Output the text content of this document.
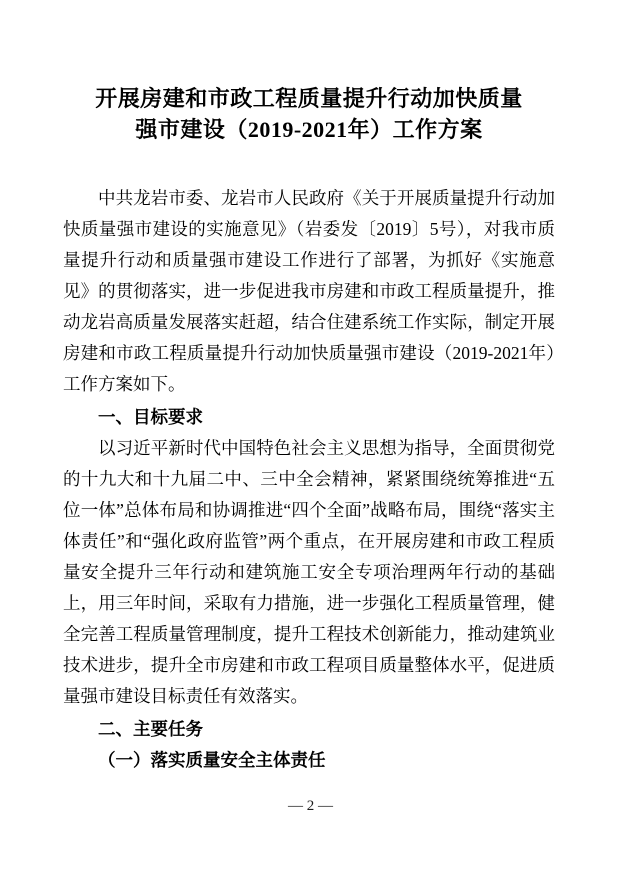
开展房建和市政工程质量提升行动加快质量
强市建设（2019-2021年）工作方案

中共龙岩市委、龙岩市人民政府《关于开展质量提升行动加快质量强市建设的实施意见》（岩委发〔2019〕5号），对我市质量提升行动和质量强市建设工作进行了部署，为抓好《实施意见》的贯彻落实，进一步促进我市房建和市政工程质量提升，推动龙岩高质量发展落实赶超，结合住建系统工作实际，制定开展房建和市政工程质量提升行动加快质量强市建设（2019-2021年）工作方案如下。

一、目标要求

以习近平新时代中国特色社会主义思想为指导，全面贯彻党的十九大和十九届二中、三中全会精神，紧紧围绕统筹推进“五位一体”总体布局和协调推进“四个全面”战略布局，围绕“落实主体责任”和“强化政府监管”两个重点，在开展房建和市政工程质量安全提升三年行动和建筑施工安全专项治理两年行动的基础上，用三年时间，采取有力措施，进一步强化工程质量管理，健全完善工程质量管理制度，提升工程技术创新能力，推动建筑业技术进步，提升全市房建和市政工程项目质量整体水平，促进质量强市建设目标责任有效落实。

二、主要任务
（一）落实质量安全主体责任
— 2 —
